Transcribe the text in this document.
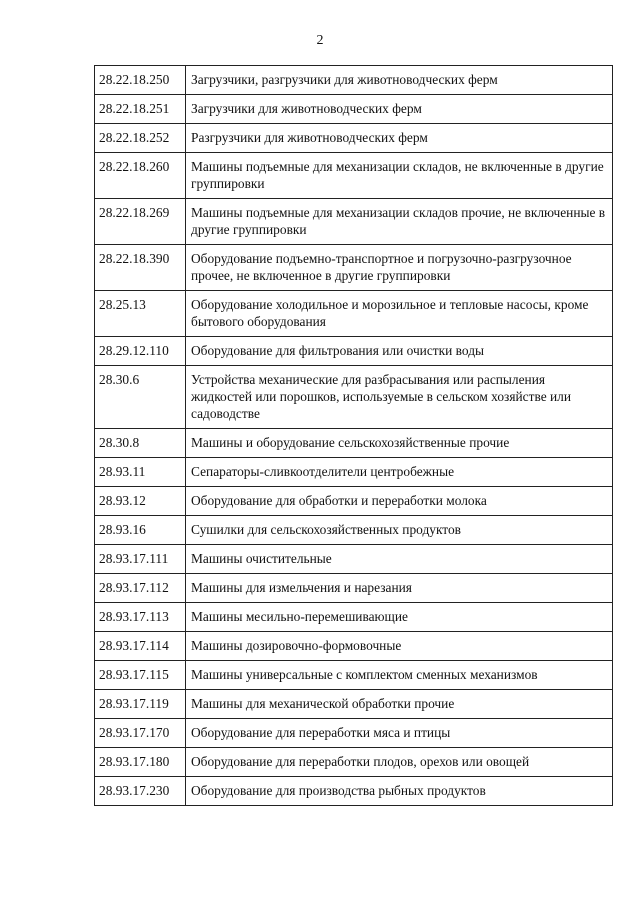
2
28.22.18.250	Загрузчики, разгрузчики для животноводческих ферм
28.22.18.251	Загрузчики для животноводческих ферм
28.22.18.252	Разгрузчики для животноводческих ферм
28.22.18.260	Машины подъемные для механизации складов, не включенные в другие группировки
28.22.18.269	Машины подъемные для механизации складов прочие, не включенные в другие группировки
28.22.18.390	Оборудование подъемно-транспортное и погрузочно-разгрузочное прочее, не включенное в другие группировки
28.25.13	Оборудование холодильное и морозильное и тепловые насосы, кроме бытового оборудования
28.29.12.110	Оборудование для фильтрования или очистки воды
28.30.6	Устройства механические для разбрасывания или распыления жидкостей или порошков, используемые в сельском хозяйстве или садоводстве
28.30.8	Машины и оборудование сельскохозяйственные прочие
28.93.11	Сепараторы-сливкоотделители центробежные
28.93.12	Оборудование для обработки и переработки молока
28.93.16	Сушилки для сельскохозяйственных продуктов
28.93.17.111	Машины очистительные
28.93.17.112	Машины для измельчения и нарезания
28.93.17.113	Машины месильно-перемешивающие
28.93.17.114	Машины дозировочно-формовочные
28.93.17.115	Машины универсальные с комплектом сменных механизмов
28.93.17.119	Машины для механической обработки прочие
28.93.17.170	Оборудование для переработки мяса и птицы
28.93.17.180	Оборудование для переработки плодов, орехов или овощей
28.93.17.230	Оборудование для производства рыбных продуктов
